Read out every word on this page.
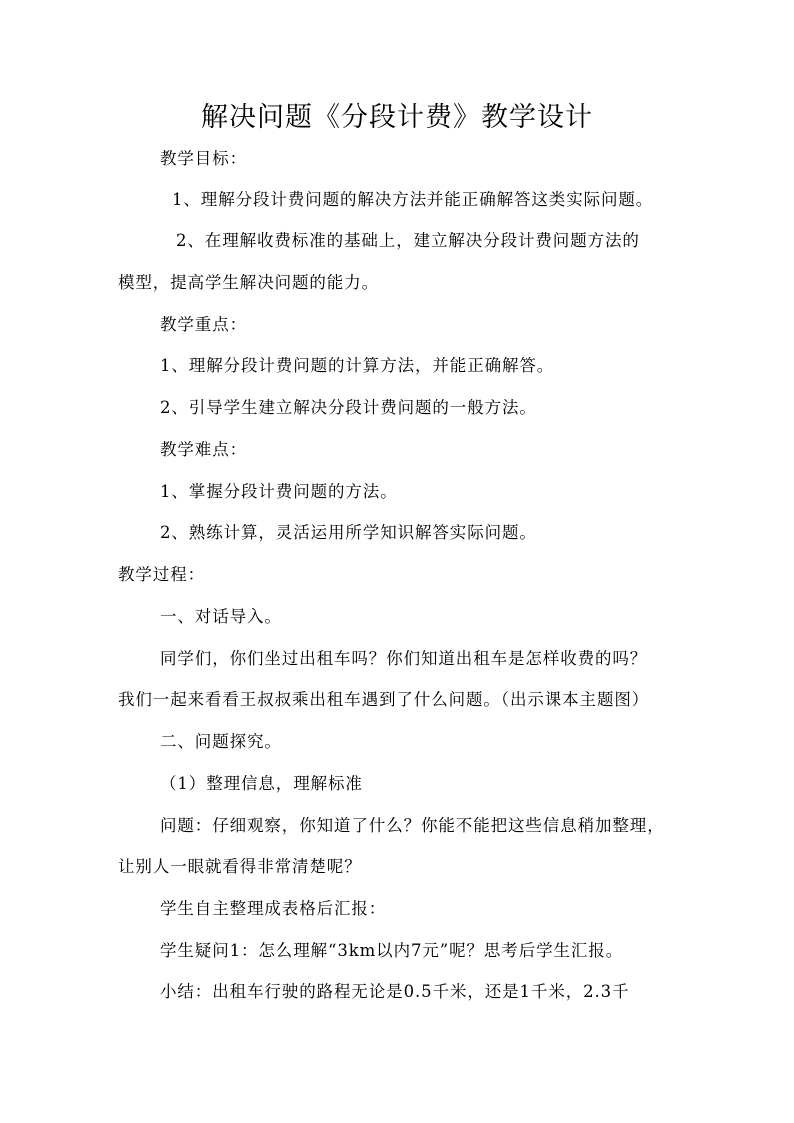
解决问题《分段计费》教学设计
教学目标：
1、理解分段计费问题的解决方法并能正确解答这类实际问题。
2、在理解收费标准的基础上，建立解决分段计费问题方法的
模型，提高学生解决问题的能力。
教学重点：
1、理解分段计费问题的计算方法，并能正确解答。
2、引导学生建立解决分段计费问题的一般方法。
教学难点：
1、掌握分段计费问题的方法。
2、熟练计算，灵活运用所学知识解答实际问题。
教学过程：
一、对话导入。
同学们，你们坐过出租车吗？你们知道出租车是怎样收费的吗？
我们一起来看看王叔叔乘出租车遇到了什么问题。（出示课本主题图）
二、问题探究。
（1）整理信息，理解标准
问题：仔细观察，你知道了什么？你能不能把这些信息稍加整理，
让别人一眼就看得非常清楚呢？
学生自主整理成表格后汇报：
学生疑问1：怎么理解“3km以内7元”呢？思考后学生汇报。
小结：出租车行驶的路程无论是0.5千米，还是1千米，2.3千
